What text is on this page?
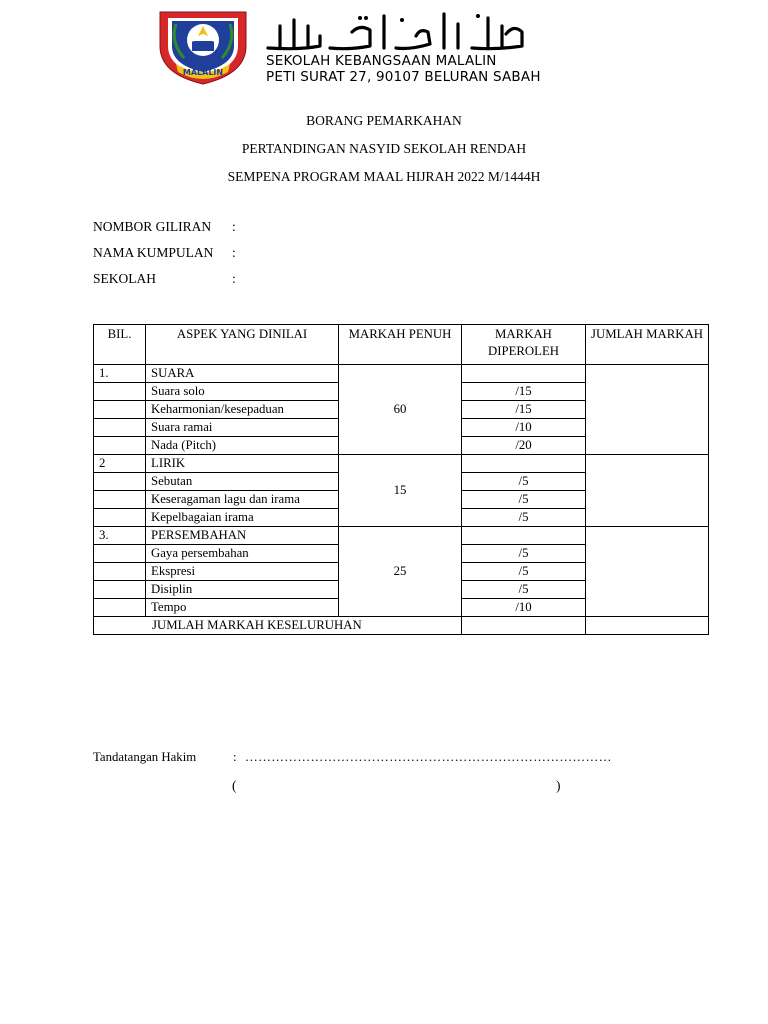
MALALIN
SEKOLAH KEBANGSAAN MALALIN
PETI SURAT 27, 90107 BELURAN SABAH
BORANG PEMARKAHAN
PERTANDINGAN NASYID SEKOLAH RENDAH
SEMPENA PROGRAM MAAL HIJRAH 2022 M/1444H
NOMBOR GILIRAN :
NAMA KUMPULAN :
SEKOLAH	:
BIL.	ASPEK YANG DINILAI	MARKAH PENUH	MARKAH DIPEROLEH	JUMLAH MARKAH
1.	SUARA	60		
	Suara solo		/15	
	Keharmonian/kesepaduan		/15	
	Suara ramai		/10	
	Nada (Pitch)		/20	
2	LIRIK	15		
	Sebutan		/5	
	Keseragaman lagu dan irama		/5	
	Kepelbagaian irama		/5	
3.	PERSEMBAHAN	25		
	Gaya persembahan		/5	
	Ekspresi		/5	
	Disiplin		/5	
	Tempo		/10	
JUMLAH MARKAH KESELURUHAN				
Tandatangan Hakim	: …………………………………………………………………………
(	)
